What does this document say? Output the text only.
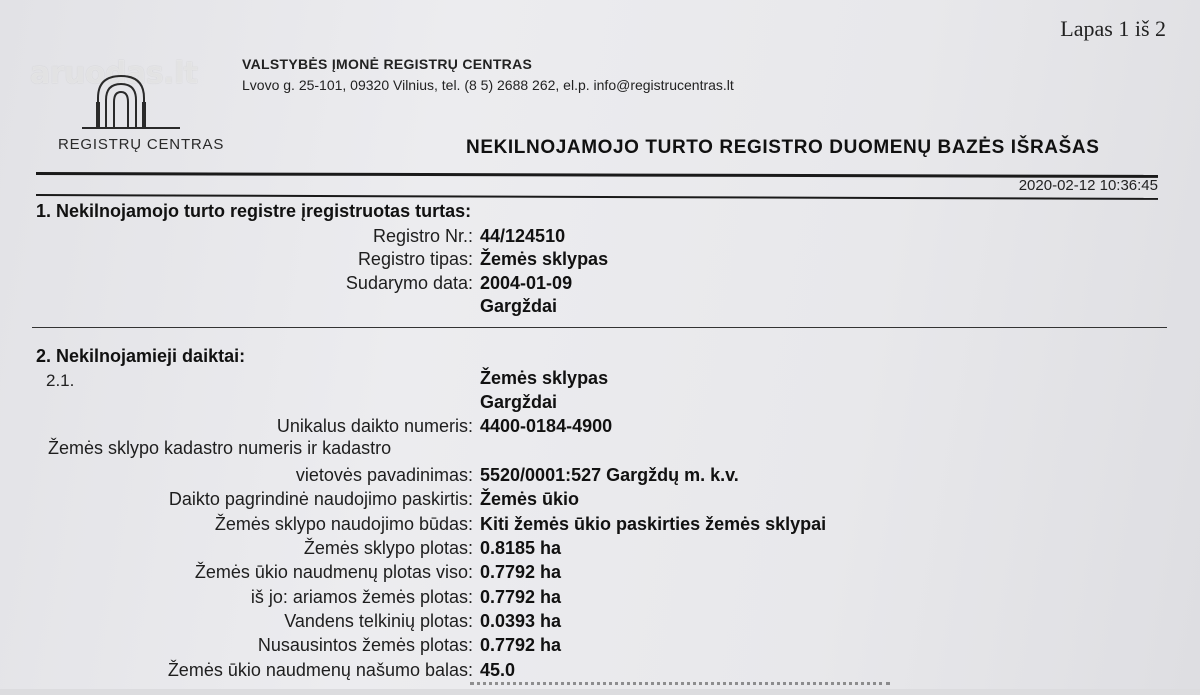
Lapas 1 iš 2
aruodas.lt
REGISTRŲ CENTRAS
VALSTYBĖS ĮMONĖ REGISTRŲ CENTRAS
Lvovo g. 25-101, 09320 Vilnius, tel. (8 5) 2688 262, el.p. info@registrucentras.lt
NEKILNOJAMOJO TURTO REGISTRO DUOMENŲ BAZĖS IŠRAŠAS
2020-02-12 10:36:45
1. Nekilnojamojo turto registre įregistruotas turtas:
Registro Nr.: 44/124510
Registro tipas: Žemės sklypas
Sudarymo data: 2004-01-09
Gargždai
2. Nekilnojamieji daiktai:
2.1.	Žemės sklypas
Gargždai
Unikalus daikto numeris: 4400-0184-4900
Žemės sklypo kadastro numeris ir kadastro
vietovės pavadinimas: 5520/0001:527 Gargždų m. k.v.
Daikto pagrindinė naudojimo paskirtis: Žemės ūkio
Žemės sklypo naudojimo būdas: Kiti žemės ūkio paskirties žemės sklypai
Žemės sklypo plotas: 0.8185 ha
Žemės ūkio naudmenų plotas viso: 0.7792 ha
iš jo: ariamos žemės plotas: 0.7792 ha
Vandens telkinių plotas: 0.0393 ha
Nusausintos žemės plotas: 0.7792 ha
Žemės ūkio naudmenų našumo balas: 45.0
